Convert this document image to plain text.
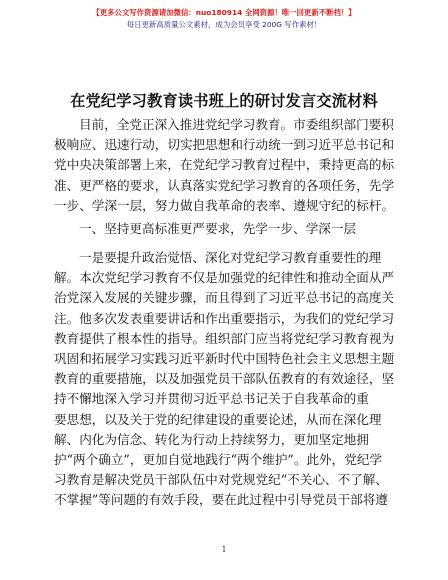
【更多公文写作资源请加微信：nuo180914 全网资源！唯一回更新不断档！】
每日更新高质量公文素材，成为会员享受 200G 写作素材！
在党纪学习教育读书班上的研讨发言交流材料
目前，全党正深入推进党纪学习教育。市委组织部门要积
极响应、迅速行动，切实把思想和行动统一到习近平总书记和
党中央决策部署上来，在党纪学习教育过程中，秉持更高的标
准、更严格的要求，认真落实党纪学习教育的各项任务，先学
一步、学深一层，努力做自我革命的表率、遵规守纪的标杆。
一、坚持更高标准更严要求，先学一步、学深一层
一是要提升政治觉悟、深化对党纪学习教育重要性的理
解。本次党纪学习教育不仅是加强党的纪律性和推动全面从严
治党深入发展的关键步骤，而且得到了习近平总书记的高度关
注。他多次发表重要讲话和作出重要指示，为我们的党纪学习
教育提供了根本性的指导。组织部门应当将党纪学习教育视为
巩固和拓展学习实践习近平新时代中国特色社会主义思想主题
教育的重要措施，以及加强党员干部队伍教育的有效途径，坚
持不懈地深入学习并贯彻习近平总书记关于自我革命的重
要思想，以及关于党的纪律建设的重要论述，从而在深化理
解、内化为信念、转化为行动上持续努力，更加坚定地拥
护“两个确立”，更加自觉地践行“两个维护”。此外，党纪学
习教育是解决党员干部队伍中对党规党纪“不关心、不了解、
不掌握”等问题的有效手段，要在此过程中引导党员干部将遵
1
